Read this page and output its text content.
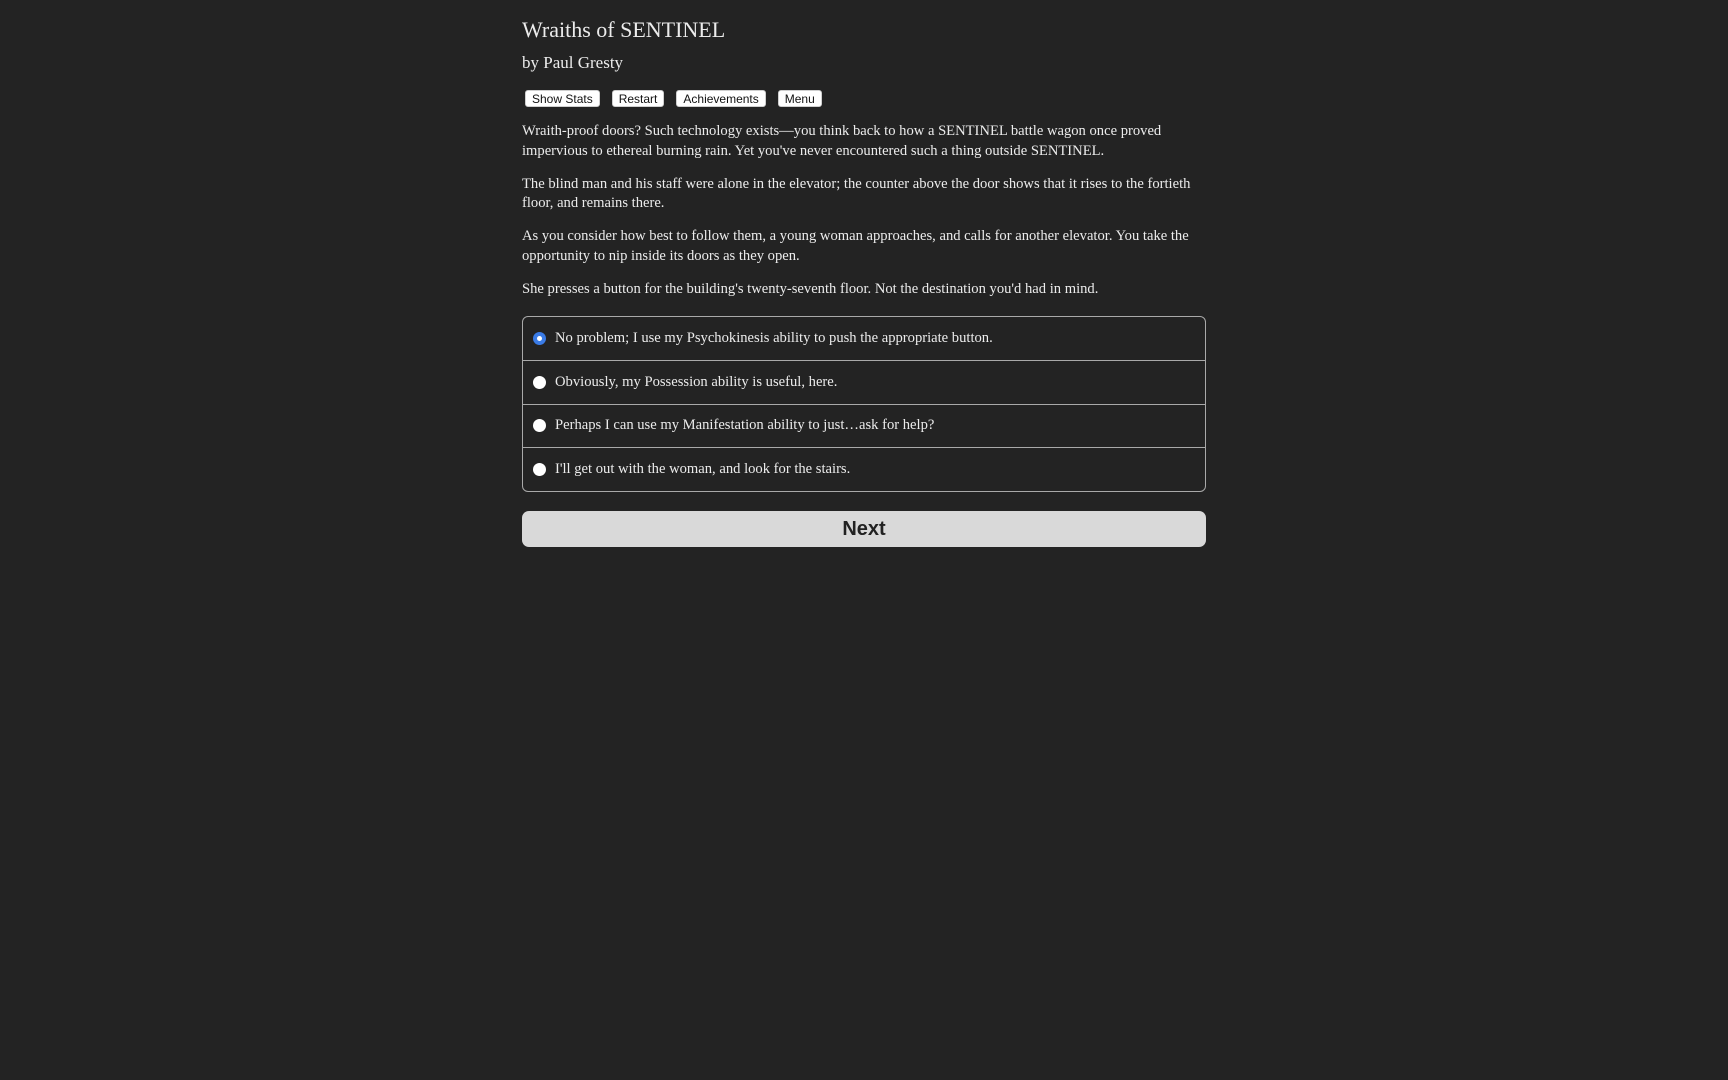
Wraiths of SENTINEL
by Paul Gresty
Show Stats	Restart	Achievements	Menu

Wraith-proof doors? Such technology exists—you think back to how a SENTINEL battle wagon once proved impervious to ethereal burning rain. Yet you've never encountered such a thing outside SENTINEL.

The blind man and his staff were alone in the elevator; the counter above the door shows that it rises to the fortieth floor, and remains there.

As you consider how best to follow them, a young woman approaches, and calls for another elevator. You take the opportunity to nip inside its doors as they open.

She presses a button for the building's twenty-seventh floor. Not the destination you'd had in mind.

No problem; I use my Psychokinesis ability to push the appropriate button.
Obviously, my Possession ability is useful, here.
Perhaps I can use my Manifestation ability to just…ask for help?
I'll get out with the woman, and look for the stairs.
Next
